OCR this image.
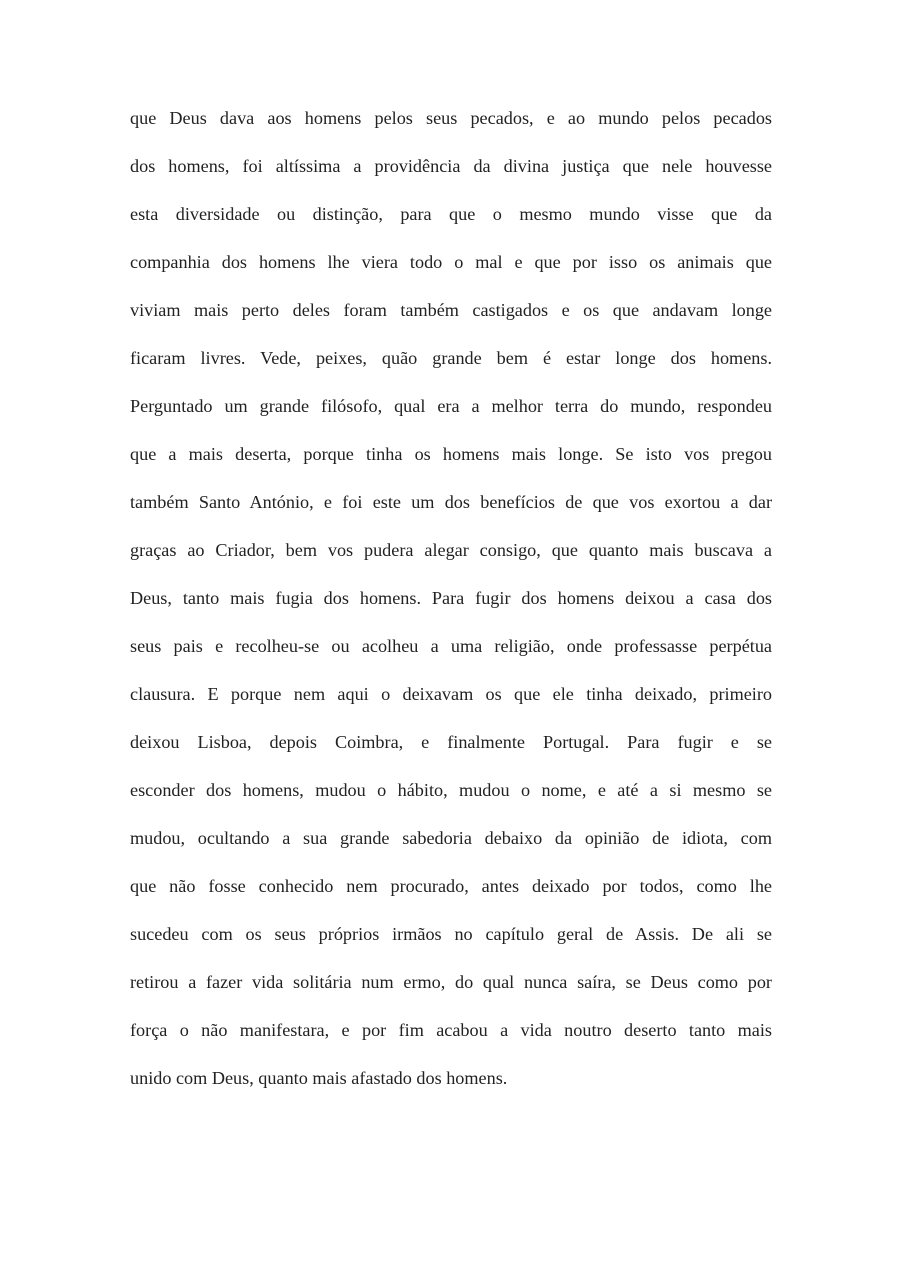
que Deus dava aos homens pelos seus pecados, e ao mundo pelos pecados
dos homens, foi altíssima a providência da divina justiça que nele houvesse
esta diversidade ou distinção, para que o mesmo mundo visse que da
companhia dos homens lhe viera todo o mal e que por isso os animais que
viviam mais perto deles foram também castigados e os que andavam longe
ficaram livres. Vede, peixes, quão grande bem é estar longe dos homens.
Perguntado um grande filósofo, qual era a melhor terra do mundo, respondeu
que a mais deserta, porque tinha os homens mais longe. Se isto vos pregou
também Santo António, e foi este um dos benefícios de que vos exortou a dar
graças ao Criador, bem vos pudera alegar consigo, que quanto mais buscava a
Deus, tanto mais fugia dos homens. Para fugir dos homens deixou a casa dos
seus pais e recolheu-se ou acolheu a uma religião, onde professasse perpétua
clausura. E porque nem aqui o deixavam os que ele tinha deixado, primeiro
deixou Lisboa, depois Coimbra, e finalmente Portugal. Para fugir e se
esconder dos homens, mudou o hábito, mudou o nome, e até a si mesmo se
mudou, ocultando a sua grande sabedoria debaixo da opinião de idiota, com
que não fosse conhecido nem procurado, antes deixado por todos, como lhe
sucedeu com os seus próprios irmãos no capítulo geral de Assis. De ali se
retirou a fazer vida solitária num ermo, do qual nunca saíra, se Deus como por
força o não manifestara, e por fim acabou a vida noutro deserto tanto mais
unido com Deus, quanto mais afastado dos homens.
